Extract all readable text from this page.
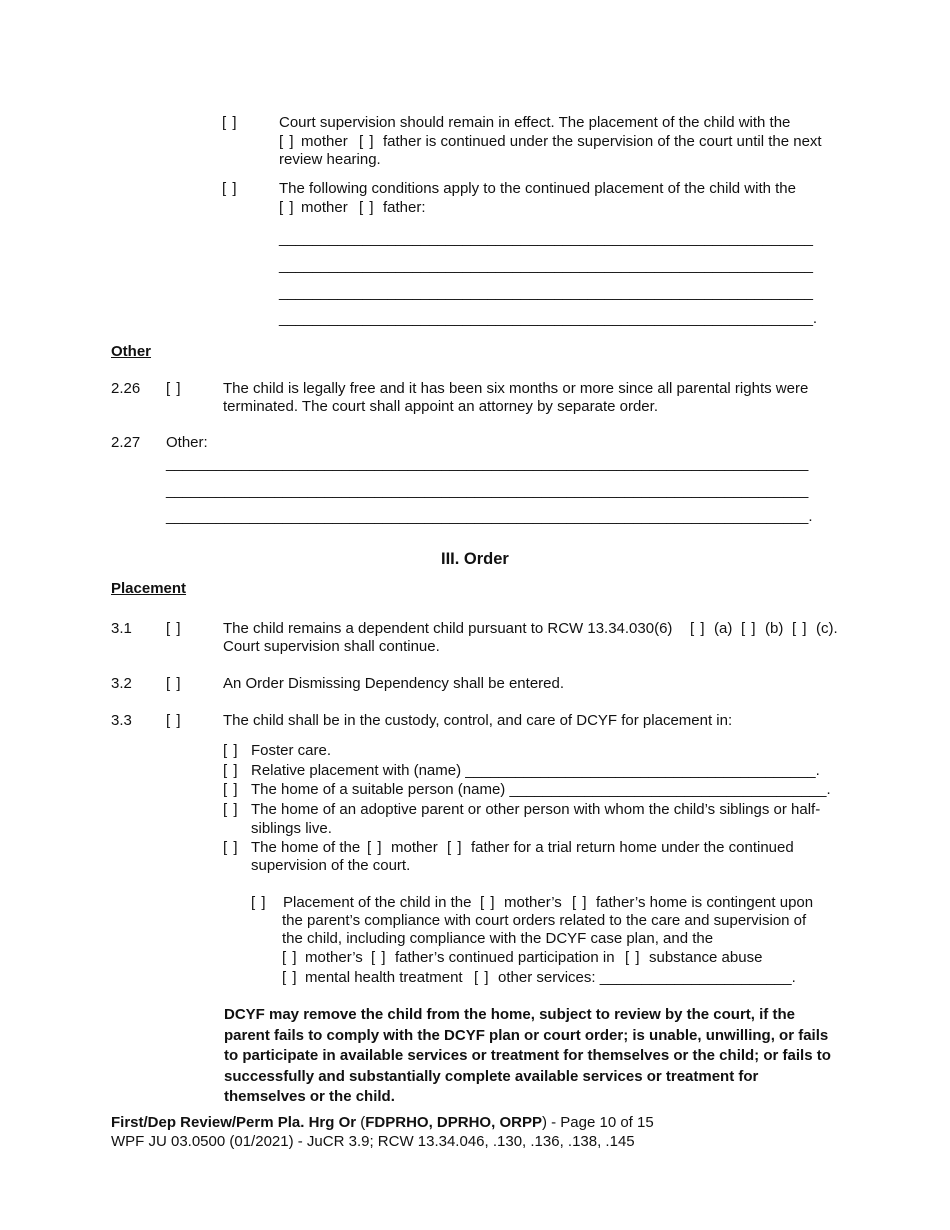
[ ]	Court supervision should remain in effect. The placement of the child with the
[ ] mother [ ] father is continued under the supervision of the court until the next
review hearing.
[ ]	The following conditions apply to the continued placement of the child with the
[ ] mother [ ] father:
________________________________________________________________
________________________________________________________________
________________________________________________________________
________________________________________________________________.
Other
2.26 [ ]	The child is legally free and it has been six months or more since all parental rights were
terminated. The court shall appoint an attorney by separate order.
2.27 Other:
_____________________________________________________________________________
_____________________________________________________________________________
_____________________________________________________________________________.
III. Order
Placement
3.1 [ ]	The child remains a dependent child pursuant to RCW 13.34.030(6) [ ] (a) [ ] (b) [ ] (c).
Court supervision shall continue.
3.2 [ ]	An Order Dismissing Dependency shall be entered.
3.3 [ ]	The child shall be in the custody, control, and care of DCYF for placement in:
[ ] Foster care.
[ ] Relative placement with (name) __________________________________________.
[ ] The home of a suitable person (name) ______________________________________.
[ ] The home of an adoptive parent or other person with whom the child’s siblings or half-
siblings live.
[ ] The home of the [ ] mother [ ] father for a trial return home under the continued
supervision of the court.
[ ] Placement of the child in the [ ] mother’s [ ] father’s home is contingent upon
the parent’s compliance with court orders related to the care and supervision of
the child, including compliance with the DCYF case plan, and the
[ ] mother’s [ ] father’s continued participation in [ ] substance abuse
[ ] mental health treatment [ ] other services: _______________________.
DCYF may remove the child from the home, subject to review by the court, if the parent fails to comply with the DCYF plan or court order; is unable, unwilling, or fails to participate in available services or treatment for themselves or the child; or fails to successfully and substantially complete available services or treatment for themselves or the child.
First/Dep Review/Perm Pla. Hrg Or (FDPRHO, DPRHO, ORPP) - Page 10 of 15
WPF JU 03.0500 (01/2021) - JuCR 3.9; RCW 13.34.046, .130, .136, .138, .145
